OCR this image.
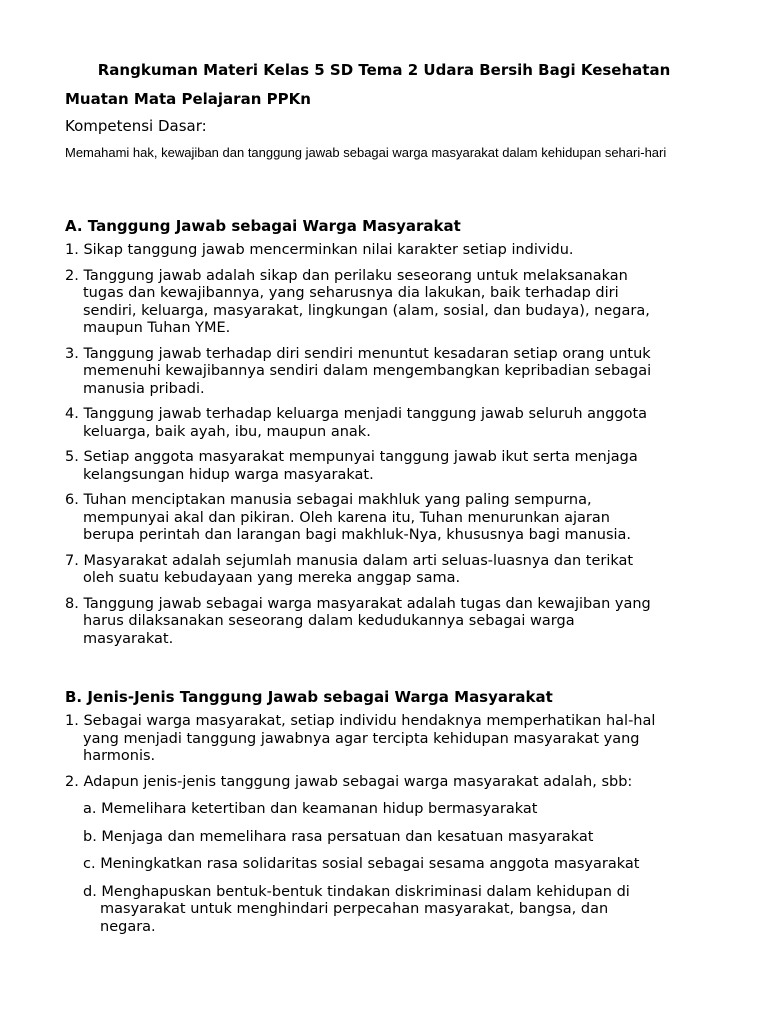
Rangkuman Materi Kelas 5 SD Tema 2 Udara Bersih Bagi Kesehatan
Muatan Mata Pelajaran PPKn
Kompetensi Dasar:
Memahami hak, kewajiban dan tanggung jawab sebagai warga masyarakat dalam kehidupan sehari-hari
A. Tanggung Jawab sebagai Warga Masyarakat
1. Sikap tanggung jawab mencerminkan nilai karakter setiap individu.
2. Tanggung jawab adalah sikap dan perilaku seseorang untuk melaksanakan
tugas dan kewajibannya, yang seharusnya dia lakukan, baik terhadap diri
sendiri, keluarga, masyarakat, lingkungan (alam, sosial, dan budaya), negara,
maupun Tuhan YME.
3. Tanggung jawab terhadap diri sendiri menuntut kesadaran setiap orang untuk
memenuhi kewajibannya sendiri dalam mengembangkan kepribadian sebagai
manusia pribadi.
4. Tanggung jawab terhadap keluarga menjadi tanggung jawab seluruh anggota
keluarga, baik ayah, ibu, maupun anak.
5. Setiap anggota masyarakat mempunyai tanggung jawab ikut serta menjaga
kelangsungan hidup warga masyarakat.
6. Tuhan menciptakan manusia sebagai makhluk yang paling sempurna,
mempunyai akal dan pikiran. Oleh karena itu, Tuhan menurunkan ajaran
berupa perintah dan larangan bagi makhluk-Nya, khususnya bagi manusia.
7. Masyarakat adalah sejumlah manusia dalam arti seluas-luasnya dan terikat
oleh suatu kebudayaan yang mereka anggap sama.
8. Tanggung jawab sebagai warga masyarakat adalah tugas dan kewajiban yang
harus dilaksanakan seseorang dalam kedudukannya sebagai warga
masyarakat.
B. Jenis-Jenis Tanggung Jawab sebagai Warga Masyarakat
1. Sebagai warga masyarakat, setiap individu hendaknya memperhatikan hal-hal
yang menjadi tanggung jawabnya agar tercipta kehidupan masyarakat yang
harmonis.
2. Adapun jenis-jenis tanggung jawab sebagai warga masyarakat adalah, sbb:
a. Memelihara ketertiban dan keamanan hidup bermasyarakat
b. Menjaga dan memelihara rasa persatuan dan kesatuan masyarakat
c. Meningkatkan rasa solidaritas sosial sebagai sesama anggota masyarakat
d. Menghapuskan bentuk-bentuk tindakan diskriminasi dalam kehidupan di
masyarakat untuk menghindari perpecahan masyarakat, bangsa, dan
negara.
